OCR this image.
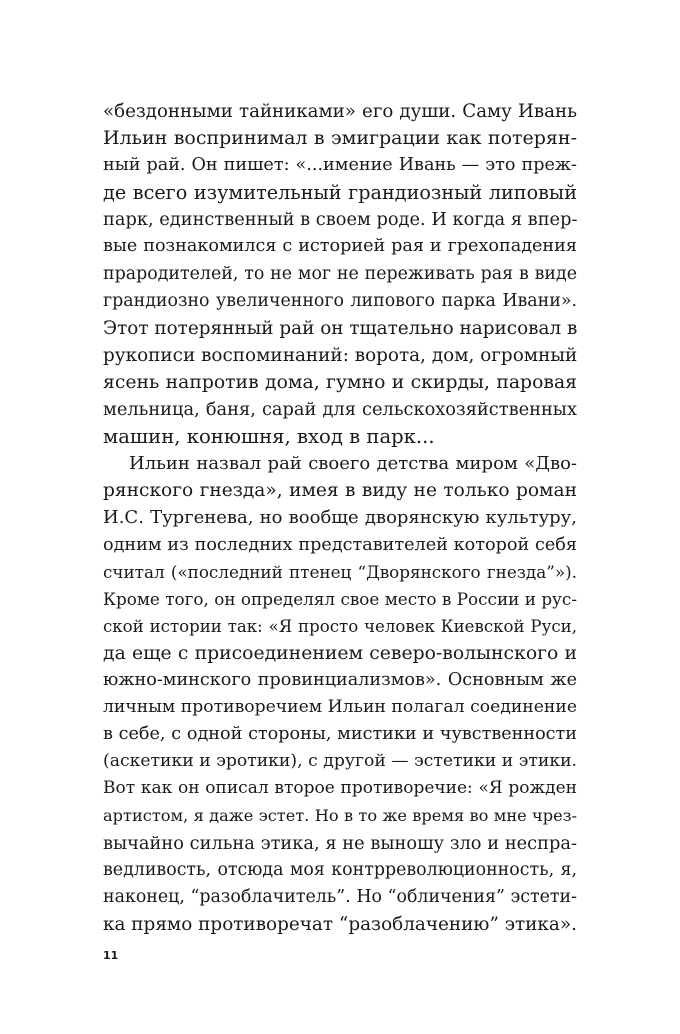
«бездонными тайниками» его души. Саму Ивань
Ильин воспринимал в эмиграции как потерян-
ный рай. Он пишет: «...имение Ивань — это преж-
де всего изумительный грандиозный липовый
парк, единственный в своем роде. И когда я впер-
вые познакомился с историей рая и грехопадения
прародителей, то не мог не переживать рая в виде
грандиозно увеличенного липового парка Ивани».
Этот потерянный рай он тщательно нарисовал в
рукописи воспоминаний: ворота, дом, огромный
ясень напротив дома, гумно и скирды, паровая
мельница, баня, сарай для сельскохозяйственных
машин, конюшня, вход в парк...
Ильин назвал рай своего детства миром «Дво-
рянского гнезда», имея в виду не только роман
И.С. Тургенева, но вообще дворянскую культуру,
одним из последних представителей которой себя
считал («последний птенец “Дворянского гнезда”»).
Кроме того, он определял свое место в России и рус-
ской истории так: «Я просто человек Киевской Руси,
да еще с присоединением северо-волынского и
южно-минского провинциализмов». Основным же
личным противоречием Ильин полагал соединение
в себе, с одной стороны, мистики и чувственности
(аскетики и эротики), с другой — эстетики и этики.
Вот как он описал второе противоречие: «Я рожден
артистом, я даже эстет. Но в то же время во мне чрез-
вычайно сильна этика, я не выношу зло и неспра-
ведливость, отсюда моя контрреволюционность, я,
наконец, “разоблачитель”. Но “обличения” эстети-
ка прямо противоречат “разоблачению” этика».
11
